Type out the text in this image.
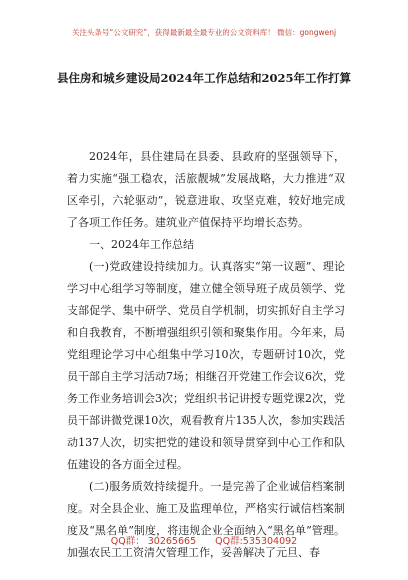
关注头条号“公文研究”，获得最新最全最专业的公文资料库！ 微信：gongwenj
县住房和城乡建设局2024年工作总结和2025年工作打算

2024年，县住建局在县委、县政府的坚强领导下，着力实施“强工稳农，活旅靓城”发展战略，大力推进“双区牵引，六轮驱动”，锐意进取、攻坚克难，较好地完成了各项工作任务。建筑业产值保持平均增长态势。

一、2024年工作总结

(一)党政建设持续加力。认真落实“第一议题”、理论学习中心组学习等制度，建立健全领导班子成员领学、党支部促学、集中研学、党员自学机制，切实抓好自主学习和自我教育，不断增强组织引领和聚集作用。今年来，局党组理论学习中心组集中学习10次，专题研讨10次，党员干部自主学习活动7场；相继召开党建工作会议6次，党务工作业务培训会3次；党组织书记讲授专题党课2次，党员干部讲微党课10次，观看教育片135人次，参加实践活动137人次，切实把党的建设和领导贯穿到中心工作和队伍建设的各方面全过程。

(二)服务质效持续提升。一是完善了企业诚信档案制度。对全县企业、施工及监理单位，严格实行诚信档案制度及“黑名单”制度，将违规企业全面纳入“黑名单”管理。加强农民工工资清欠管理工作，妥善解决了元旦、春

QQ群： 30265665 QQ群:535304092
